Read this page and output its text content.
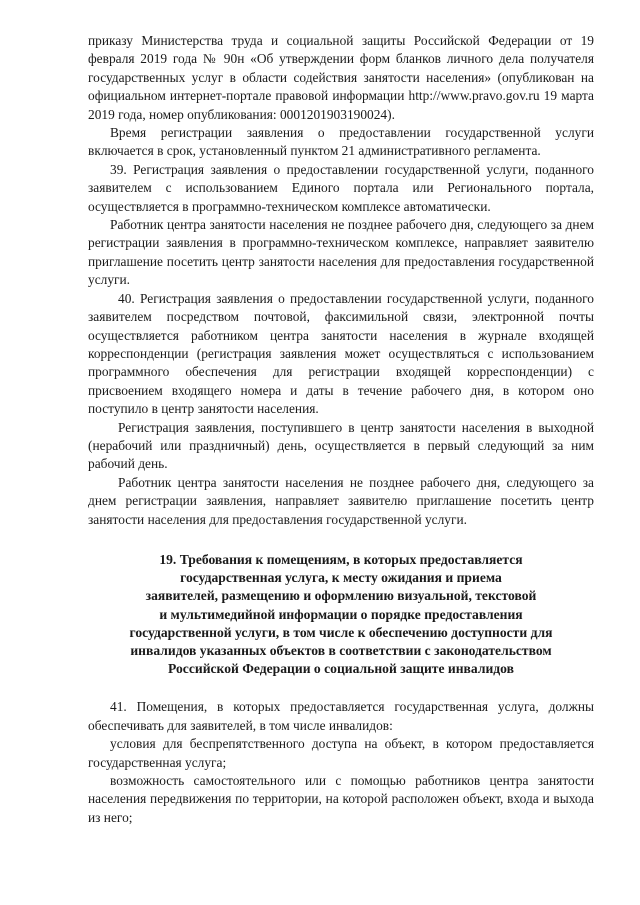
приказу Министерства труда и социальной защиты Российской Федерации от 19 февраля 2019 года № 90н «Об утверждении форм бланков личного дела получателя государственных услуг в области содействия занятости населения» (опубликован на официальном интернет-портале правовой информации http://www.pravo.gov.ru 19 марта 2019 года, номер опубликования: 0001201903190024).

Время регистрации заявления о предоставлении государственной услуги включается в срок, установленный пунктом 21 административного регламента.

39. Регистрация заявления о предоставлении государственной услуги, поданного заявителем с использованием Единого портала или Регионального портала, осуществляется в программно-техническом комплексе автоматически.

Работник центра занятости населения не позднее рабочего дня, следующего за днем регистрации заявления в программно-техническом комплексе, направляет заявителю приглашение посетить центр занятости населения для предоставления государственной услуги.

40. Регистрация заявления о предоставлении государственной услуги, поданного заявителем посредством почтовой, факсимильной связи, электронной почты осуществляется работником центра занятости населения в журнале входящей корреспонденции (регистрация заявления может осуществляться с использованием программного обеспечения для регистрации входящей корреспонденции) с присвоением входящего номера и даты в течение рабочего дня, в котором оно поступило в центр занятости населения.

Регистрация заявления, поступившего в центр занятости населения в выходной (нерабочий или праздничный) день, осуществляется в первый следующий за ним рабочий день.

Работник центра занятости населения не позднее рабочего дня, следующего за днем регистрации заявления, направляет заявителю приглашение посетить центр занятости населения для предоставления государственной услуги.

19. Требования к помещениям, в которых предоставляется
государственная услуга, к месту ожидания и приема
заявителей, размещению и оформлению визуальной, текстовой
и мультимедийной информации о порядке предоставления
государственной услуги, в том числе к обеспечению доступности для
инвалидов указанных объектов в соответствии с законодательством
Российской Федерации о социальной защите инвалидов

41. Помещения, в которых предоставляется государственная услуга, должны обеспечивать для заявителей, в том числе инвалидов:

условия для беспрепятственного доступа на объект, в котором предоставляется государственная услуга;

возможность самостоятельного или с помощью работников центра занятости населения передвижения по территории, на которой расположен объект, входа и выхода из него;
